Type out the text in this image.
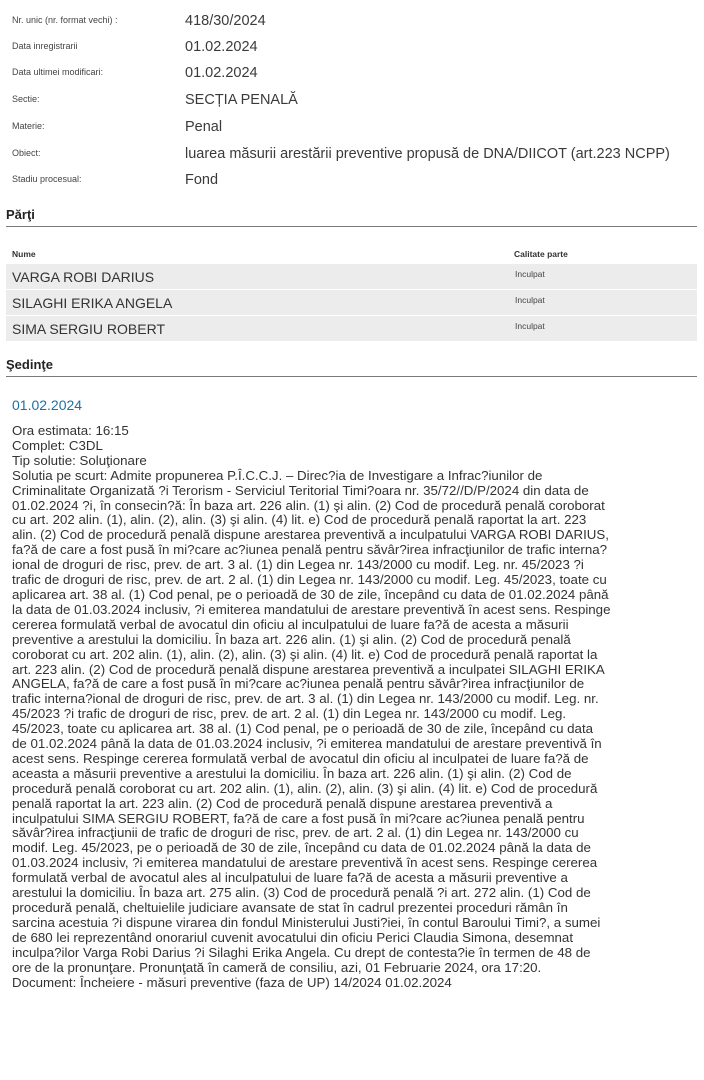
Nr. unic (nr. format vechi) :	418/30/2024
Data inregistrarii	01.02.2024
Data ultimei modificari:	01.02.2024
Sectie:	SECȚIA PENALĂ
Materie:	Penal
Obiect:	luarea măsurii arestării preventive propusă de DNA/DIICOT (art.223 NCPP)
Stadiu procesual:	Fond
Părţi
Nume	Calitate parte
VARGA ROBI DARIUS	Inculpat
SILAGHI ERIKA ANGELA	Inculpat
SIMA SERGIU ROBERT	Inculpat
Şedinţe
01.02.2024
Ora estimata: 16:15
Complet: C3DL
Tip solutie: Soluţionare
Solutia pe scurt: Admite propunerea P.Î.C.C.J. – Direc?ia de Investigare a Infrac?iunilor de
Criminalitate Organizată ?i Terorism - Serviciul Teritorial Timi?oara nr. 35/72//D/P/2024 din data de
01.02.2024 ?i, în consecin?ă: În baza art. 226 alin. (1) şi alin. (2) Cod de procedură penală coroborat
cu art. 202 alin. (1), alin. (2), alin. (3) şi alin. (4) lit. e) Cod de procedură penală raportat la art. 223
alin. (2) Cod de procedură penală dispune arestarea preventivă a inculpatului VARGA ROBI DARIUS,
fa?ă de care a fost pusă în mi?care ac?iunea penală pentru săvâr?irea infracţiunilor de trafic interna?
ional de droguri de risc, prev. de art. 3 al. (1) din Legea nr. 143/2000 cu modif. Leg. nr. 45/2023 ?i
trafic de droguri de risc, prev. de art. 2 al. (1) din Legea nr. 143/2000 cu modif. Leg. 45/2023, toate cu
aplicarea art. 38 al. (1) Cod penal, pe o perioadă de 30 de zile, începând cu data de 01.02.2024 până
la data de 01.03.2024 inclusiv, ?i emiterea mandatului de arestare preventivă în acest sens. Respinge
cererea formulată verbal de avocatul din oficiu al inculpatului de luare fa?ă de acesta a măsurii
preventive a arestului la domiciliu. În baza art. 226 alin. (1) şi alin. (2) Cod de procedură penală
coroborat cu art. 202 alin. (1), alin. (2), alin. (3) şi alin. (4) lit. e) Cod de procedură penală raportat la
art. 223 alin. (2) Cod de procedură penală dispune arestarea preventivă a inculpatei SILAGHI ERIKA
ANGELA, fa?ă de care a fost pusă în mi?care ac?iunea penală pentru săvâr?irea infracţiunilor de
trafic interna?ional de droguri de risc, prev. de art. 3 al. (1) din Legea nr. 143/2000 cu modif. Leg. nr.
45/2023 ?i trafic de droguri de risc, prev. de art. 2 al. (1) din Legea nr. 143/2000 cu modif. Leg.
45/2023, toate cu aplicarea art. 38 al. (1) Cod penal, pe o perioadă de 30 de zile, începând cu data
de 01.02.2024 până la data de 01.03.2024 inclusiv, ?i emiterea mandatului de arestare preventivă în
acest sens. Respinge cererea formulată verbal de avocatul din oficiu al inculpatei de luare fa?ă de
aceasta a măsurii preventive a arestului la domiciliu. În baza art. 226 alin. (1) şi alin. (2) Cod de
procedură penală coroborat cu art. 202 alin. (1), alin. (2), alin. (3) şi alin. (4) lit. e) Cod de procedură
penală raportat la art. 223 alin. (2) Cod de procedură penală dispune arestarea preventivă a
inculpatului SIMA SERGIU ROBERT, fa?ă de care a fost pusă în mi?care ac?iunea penală pentru
săvâr?irea infracţiunii de trafic de droguri de risc, prev. de art. 2 al. (1) din Legea nr. 143/2000 cu
modif. Leg. 45/2023, pe o perioadă de 30 de zile, începând cu data de 01.02.2024 până la data de
01.03.2024 inclusiv, ?i emiterea mandatului de arestare preventivă în acest sens. Respinge cererea
formulată verbal de avocatul ales al inculpatului de luare fa?ă de acesta a măsurii preventive a
arestului la domiciliu. În baza art. 275 alin. (3) Cod de procedură penală ?i art. 272 alin. (1) Cod de
procedură penală, cheltuielile judiciare avansate de stat în cadrul prezentei proceduri rămân în
sarcina acestuia ?i dispune virarea din fondul Ministerului Justi?iei, în contul Baroului Timi?, a sumei
de 680 lei reprezentând onorariul cuvenit avocatului din oficiu Perici Claudia Simona, desemnat
inculpa?ilor Varga Robi Darius ?i Silaghi Erika Angela. Cu drept de contesta?ie în termen de 48 de
ore de la pronunţare. Pronunţată în cameră de consiliu, azi, 01 Februarie 2024, ora 17:20.
Document: Încheiere - măsuri preventive (faza de UP) 14/2024 01.02.2024
